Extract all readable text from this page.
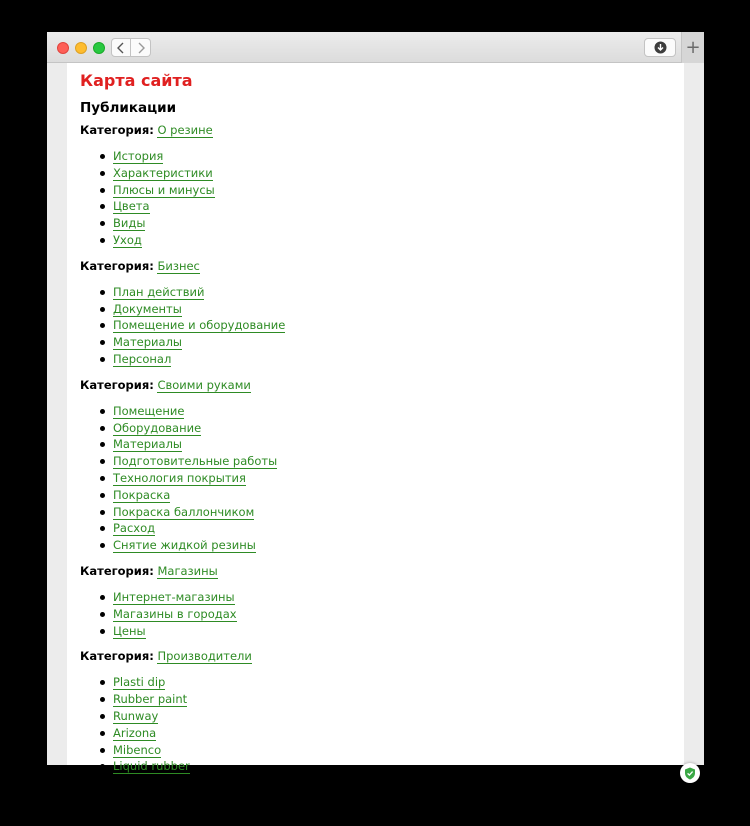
+
Карта сайта
Публикации
Категория: О резине
История
Характеристики
Плюсы и минусы
Цвета
Виды
Уход
Категория: Бизнес
План действий
Документы
Помещение и оборудование
Материалы
Персонал
Категория: Своими руками
Помещение
Оборудование
Материалы
Подготовительные работы
Технология покрытия
Покраска
Покраска баллончиком
Расход
Снятие жидкой резины
Категория: Магазины
Интернет-магазины
Магазины в городах
Цены
Категория: Производители
Plasti dip
Rubber paint
Runway
Arizona
Mibenco
Liquid rubber
